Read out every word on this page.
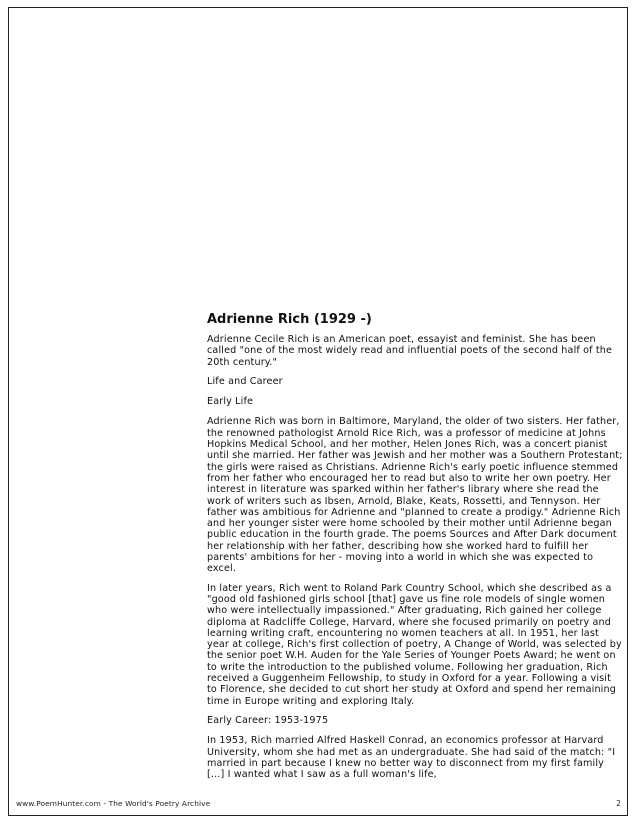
Adrienne Rich (1929 -)

Adrienne Cecile Rich is an American poet, essayist and feminist. She has been called "one of the most widely read and influential poets of the second half of the 20th century."

Life and Career

Early Life

Adrienne Rich was born in Baltimore, Maryland, the older of two sisters. Her father, the renowned pathologist Arnold Rice Rich, was a professor of medicine at Johns Hopkins Medical School, and her mother, Helen Jones Rich, was a concert pianist until she married. Her father was Jewish and her mother was a Southern Protestant; the girls were raised as Christians. Adrienne Rich's early poetic influence stemmed from her father who encouraged her to read but also to write her own poetry. Her interest in literature was sparked within her father's library where she read the work of writers such as Ibsen, Arnold, Blake, Keats, Rossetti, and Tennyson. Her father was ambitious for Adrienne and "planned to create a prodigy." Adrienne Rich and her younger sister were home schooled by their mother until Adrienne began public education in the fourth grade. The poems Sources and After Dark document her relationship with her father, describing how she worked hard to fulfill her parents' ambitions for her - moving into a world in which she was expected to excel.

In later years, Rich went to Roland Park Country School, which she described as a "good old fashioned girls school [that] gave us fine role models of single women who were intellectually impassioned." After graduating, Rich gained her college diploma at Radcliffe College, Harvard, where she focused primarily on poetry and learning writing craft, encountering no women teachers at all. In 1951, her last year at college, Rich's first collection of poetry, A Change of World, was selected by the senior poet W.H. Auden for the Yale Series of Younger Poets Award; he went on to write the introduction to the published volume. Following her graduation, Rich received a Guggenheim Fellowship, to study in Oxford for a year. Following a visit to Florence, she decided to cut short her study at Oxford and spend her remaining time in Europe writing and exploring Italy.

Early Career: 1953-1975

In 1953, Rich married Alfred Haskell Conrad, an economics professor at Harvard University, whom she had met as an undergraduate. She had said of the match: "I married in part because I knew no better way to disconnect from my first family [...] I wanted what I saw as a full woman's life,

www.PoemHunter.com - The World's Poetry Archive	2
